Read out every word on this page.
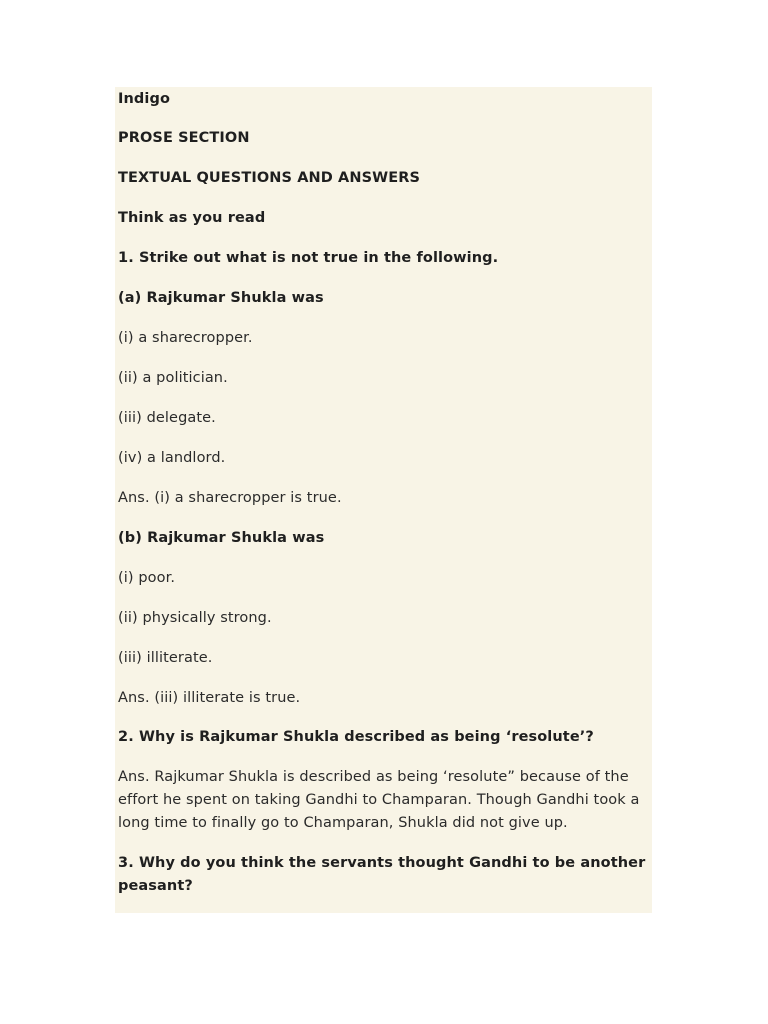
Indigo
PROSE SECTION
TEXTUAL QUESTIONS AND ANSWERS
Think as you read
1. Strike out what is not true in the following.
(a) Rajkumar Shukla was
(i) a sharecropper.
(ii) a politician.
(iii) delegate.
(iv) a landlord.
Ans. (i) a sharecropper is true.
(b) Rajkumar Shukla was
(i) poor.
(ii) physically strong.
(iii) illiterate.
Ans. (iii) illiterate is true.
2. Why is Rajkumar Shukla described as being ‘resolute’?
Ans. Rajkumar Shukla is described as being ‘resolute” because of the
effort he spent on taking Gandhi to Champaran. Though Gandhi took a
long time to finally go to Champaran, Shukla did not give up.
3. Why do you think the servants thought Gandhi to be another
peasant?
